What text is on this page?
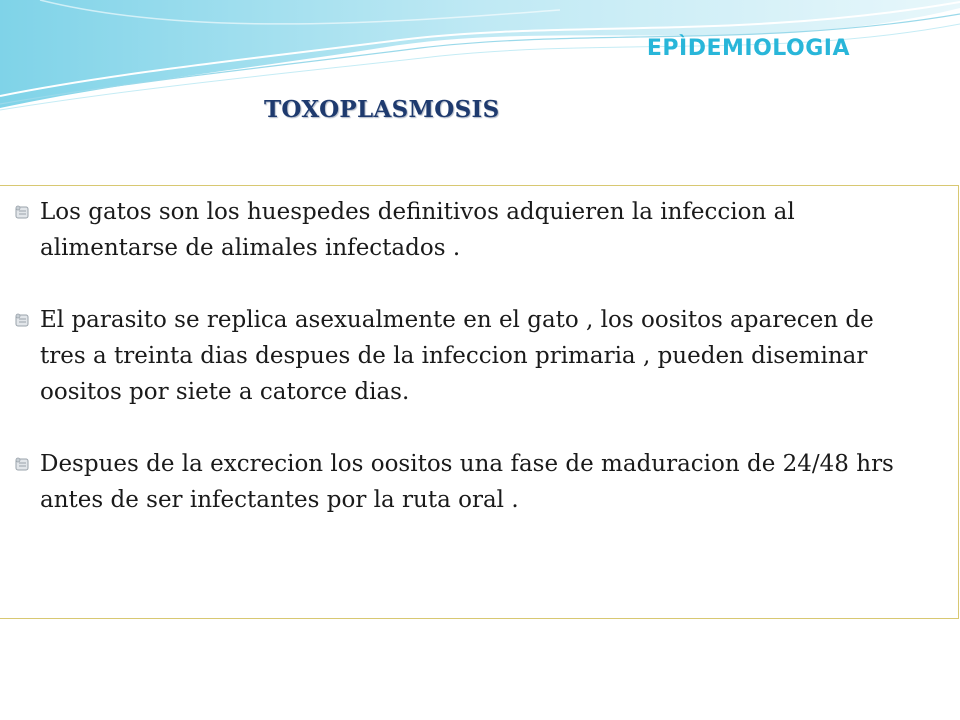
EPÌDEMIOLOGIA
TOXOPLASMOSIS
Los gatos son los huespedes definitivos adquieren la infeccion al alimentarse de alimales infectados .
El parasito se replica asexualmente en el gato , los oositos aparecen de tres a treinta dias despues de la infeccion primaria , pueden diseminar oositos por siete a catorce dias.
Despues de la excrecion los oositos una fase de maduracion de 24/48 hrs antes de ser infectantes por la ruta oral .
